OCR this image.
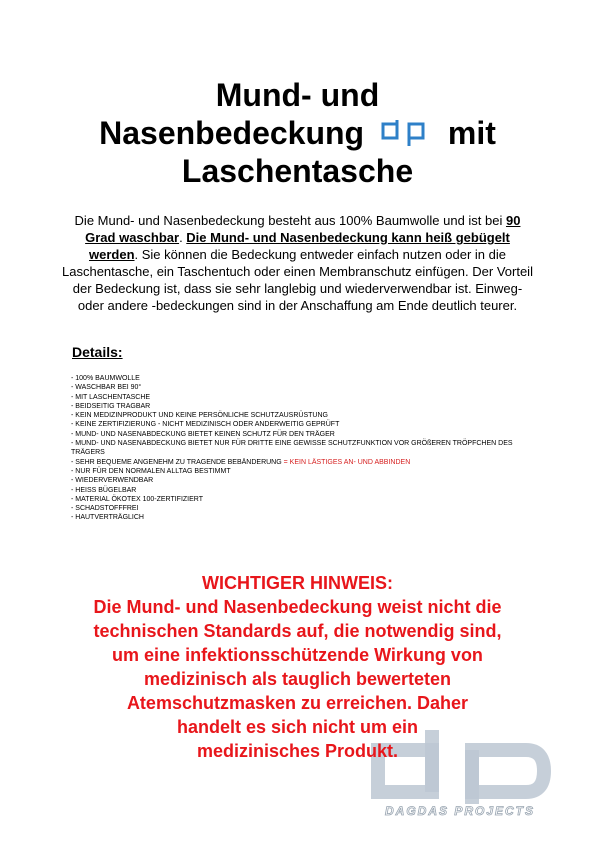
Mund- und
Nasenbedeckung	mit
Laschentasche
Die Mund- und Nasenbedeckung besteht aus 100% Baumwolle und ist bei 90 Grad waschbar. Die Mund- und Nasenbedeckung kann heiß gebügelt werden. Sie können die Bedeckung entweder einfach nutzen oder in die Laschentasche, ein Taschentuch oder einen Membranschutz einfügen. Der Vorteil der Bedeckung ist, dass sie sehr langlebig und wiederverwendbar ist. Einweg- oder andere -bedeckungen sind in der Anschaffung am Ende deutlich teurer.
Details:
- 100% BAUMWOLLE
- WASCHBAR BEI 90°
- MIT LASCHENTASCHE
- BEIDSEITIG TRAGBAR
- KEIN MEDIZINPRODUKT UND KEINE PERSÖNLICHE SCHUTZAUSRÜSTUNG
- KEINE ZERTIFIZIERUNG - NICHT MEDIZINISCH ODER ANDERWEITIG GEPRÜFT
- MUND- UND NASENABDECKUNG BIETET KEINEN SCHUTZ FÜR DEN TRÄGER
- MUND- UND NASENABDECKUNG BIETET NUR FÜR DRITTE EINE GEWISSE SCHUTZFUNKTION VOR GRÖßEREN TRÖPFCHEN DES TRÄGERS
- SEHR BEQUEME ANGENEHM ZU TRAGENDE BEBÄNDERUNG = KEIN LÄSTIGES AN- UND ABBINDEN
- NUR FÜR DEN NORMALEN ALLTAG BESTIMMT
- WIEDERVERWENDBAR
- HEISS BÜGELBAR
- MATERIAL ÖKOTEX 100-ZERTIFIZIERT
- SCHADSTOFFFREI
- HAUTVERTRÄGLICH
DAGDAS PROJECTS
WICHTIGER HINWEIS:
Die Mund- und Nasenbedeckung weist nicht die
technischen Standards auf, die notwendig sind,
um eine infektionsschützende Wirkung von
medizinisch als tauglich bewerteten
Atemschutzmasken zu erreichen. Daher
handelt es sich nicht um ein
medizinisches Produkt.
